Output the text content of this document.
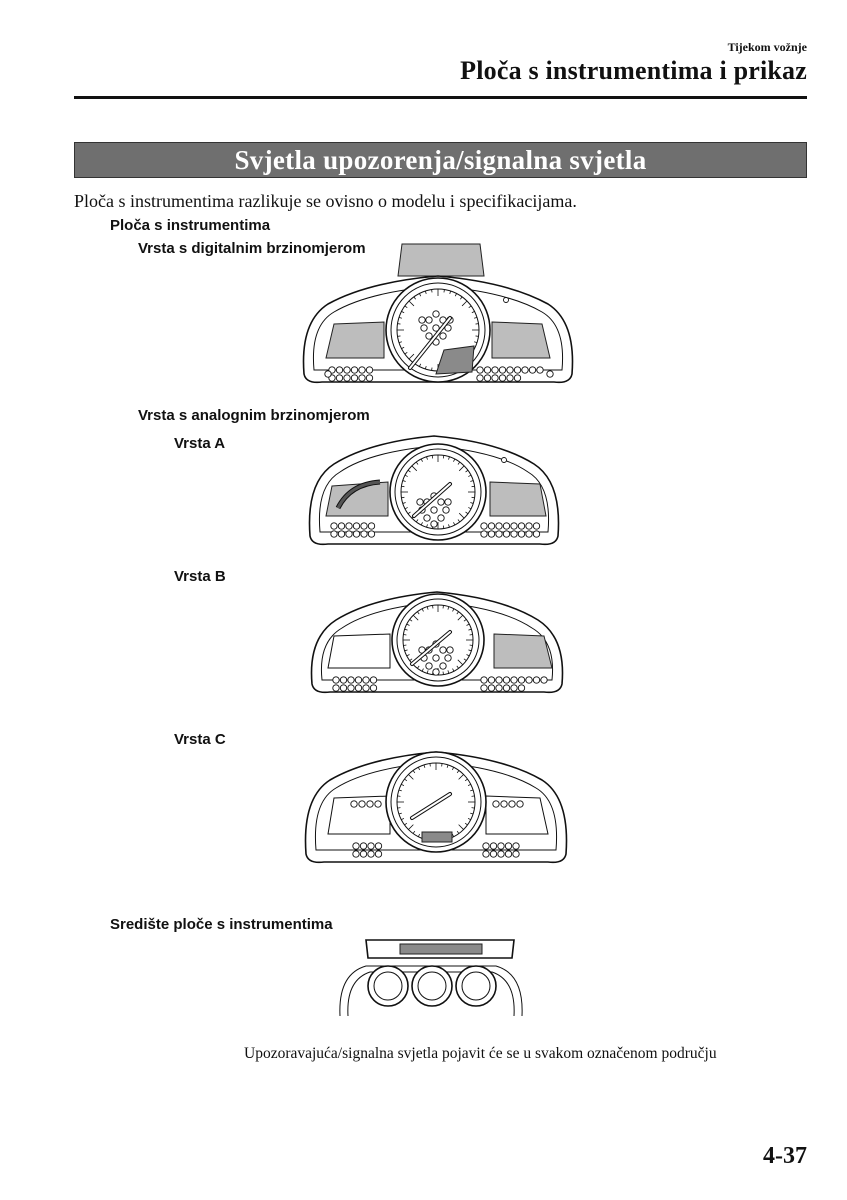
Tijekom vožnje
Ploča s instrumentima i prikaz
Svjetla upozorenja/signalna svjetla
Ploča s instrumentima razlikuje se ovisno o modelu i specifikacijama.
Ploča s instrumentima
Vrsta s digitalnim brzinomjerom
Vrsta s analognim brzinomjerom
Vrsta A
Vrsta B
Vrsta C
Središte ploče s instrumentima
Upozoravajuća/signalna svjetla pojavit će se u svakom označenom području
4-37
